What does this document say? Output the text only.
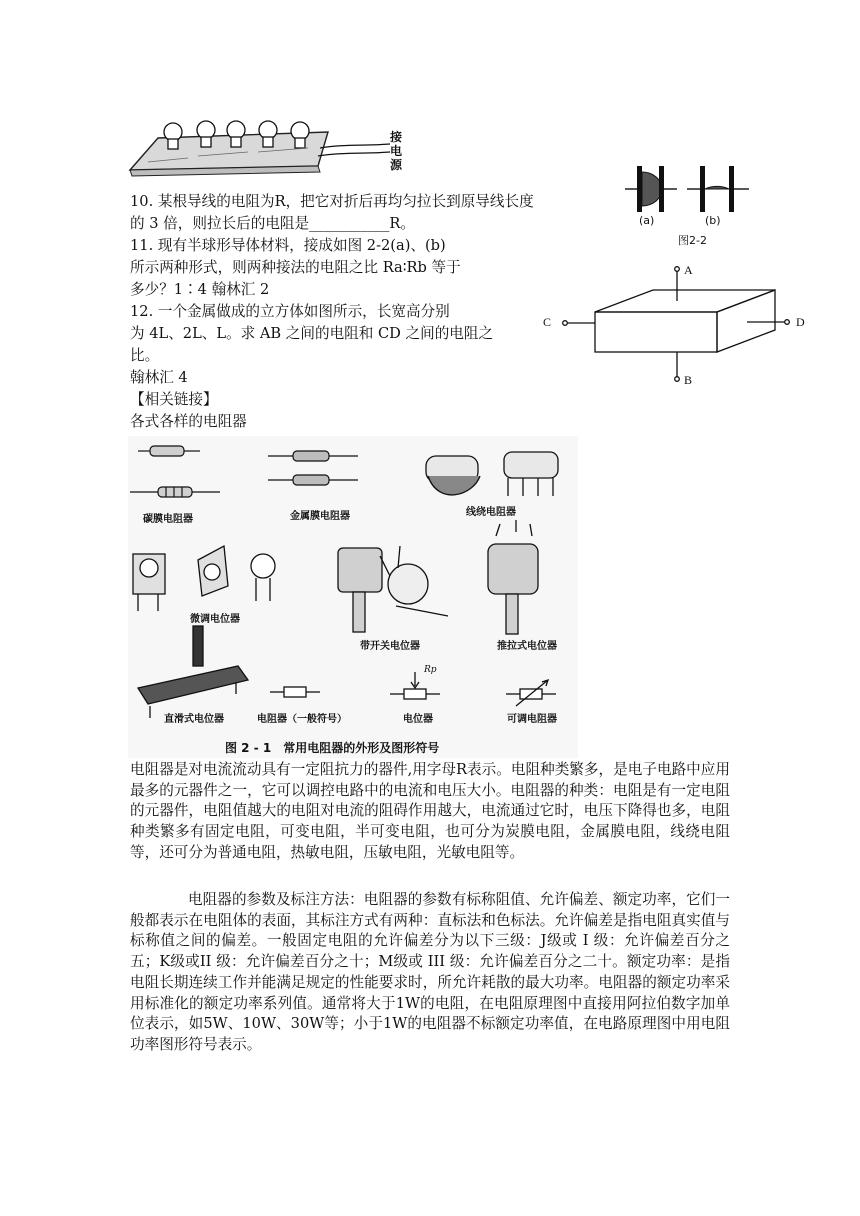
接电源
(a)	(b)
图2-2
A
B
C	D
10. 某根导线的电阻为R，把它对折后再均匀拉长到原导线长度
的 3 倍，则拉长后的电阻是___________R。
11. 现有半球形导体材料，接成如图 2-2(a)、(b)
所示两种形式，则两种接法的电阻之比 Ra∶Rb 等于
多少？1∶4 翰林汇 2
12. 一个金属做成的立方体如图所示，长宽高分别
为 4L、2L、L。求 AB 之间的电阻和 CD 之间的电阻之
比。
翰林汇 4
【相关链接】
各式各样的电阻器
碳膜电阻器	金属膜电阻器	线绕电阻器
微调电位器
带开关电位器	推拉式电位器
直滑式电位器	电阻器（一般符号）	电位器	可调电阻器
Rp
图 2 - 1　常用电阻器的外形及图形符号
电阻器是对电流流动具有一定阻抗力的器件,用字母R表示。电阻种类繁多，是电子电路中应用最多的元器件之一，它可以调控电路中的电流和电压大小。电阻器的种类：电阻是有一定电阻的元器件，电阻值越大的电阻对电流的阻碍作用越大，电流通过它时，电压下降得也多，电阻种类繁多有固定电阻，可变电阻，半可变电阻，也可分为炭膜电阻，金属膜电阻，线绕电阻等，还可分为普通电阻，热敏电阻，压敏电阻，光敏电阻等。
电阻器的参数及标注方法：电阻器的参数有标称阻值、允许偏差、额定功率，它们一般都表示在电阻体的表面，其标注方式有两种：直标法和色标法。允许偏差是指电阻真实值与标称值之间的偏差。一般固定电阻的允许偏差分为以下三级：J级或 I 级：允许偏差百分之五；K级或II 级：允许偏差百分之十；M级或 III 级：允许偏差百分之二十。额定功率：是指电阻长期连续工作并能满足规定的性能要求时，所允许耗散的最大功率。电阻器的额定功率采用标准化的额定功率系列值。通常将大于1W的电阻，在电阻原理图中直接用阿拉伯数字加单位表示，如5W、10W、30W等；小于1W的电阻器不标额定功率值，在电路原理图中用电阻功率图形符号表示。
